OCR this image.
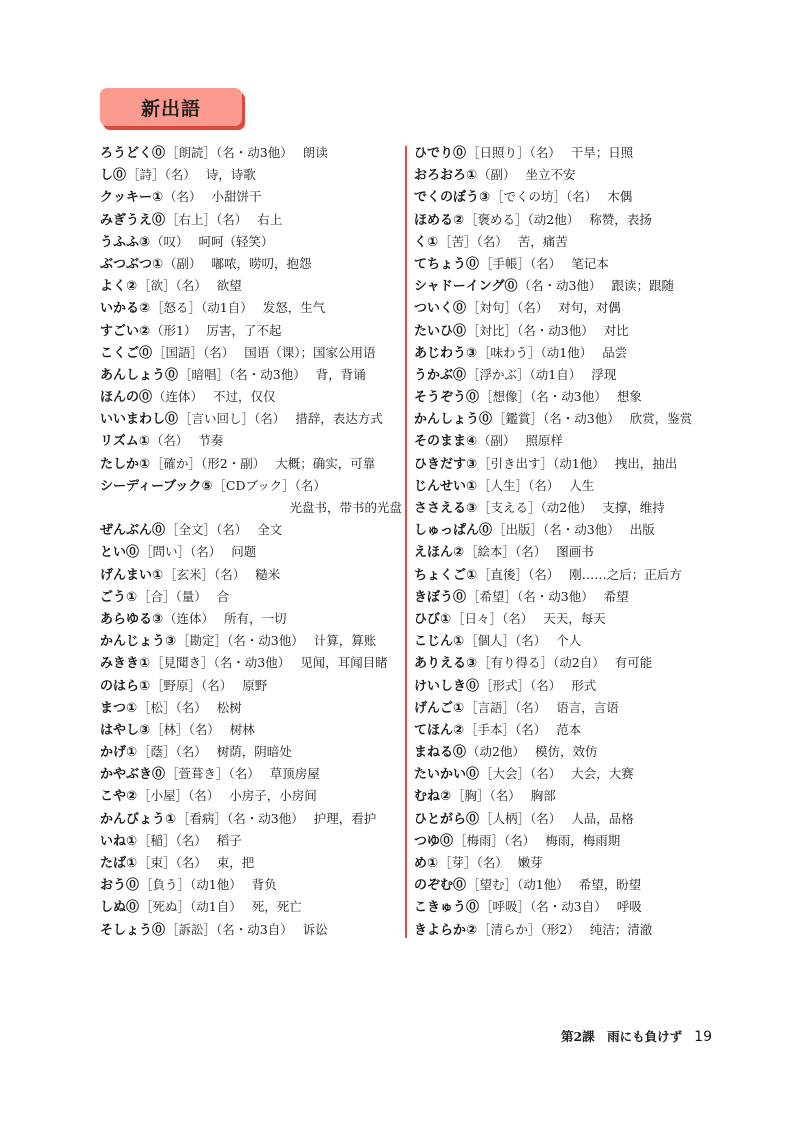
新出語
ろうどく⓪［朗読］（名・动3他） 朗读
し⓪［詩］（名） 诗，诗歌
クッキー①（名） 小甜饼干
みぎうえ⓪［右上］（名） 右上
うふふ③（叹） 呵呵（轻笑）
ぶつぶつ①（副） 嘟哝，唠叨，抱怨
よく②［欲］（名） 欲望
いかる②［怒る］（动1自） 发怒，生气
すごい②（形1） 厉害，了不起
こくご⓪［国語］（名） 国语（课）；国家公用语
あんしょう⓪［暗唱］（名・动3他） 背，背诵
ほんの⓪（连体） 不过，仅仅
いいまわし⓪［言い回し］（名） 措辞，表达方式
リズム①（名） 节奏
たしか①［確か］（形2・副） 大概；确实，可靠
シーディーブック⑤［CDブック］（名）
光盘书，带书的光盘
ぜんぶん⓪［全文］（名） 全文
とい⓪［問い］（名） 问题
げんまい①［玄米］（名） 糙米
ごう①［合］（量） 合
あらゆる③（连体） 所有，一切
かんじょう③［勘定］（名・动3他） 计算，算账
みきき①［見聞き］（名・动3他） 见闻，耳闻目睹
のはら①［野原］（名） 原野
まつ①［松］（名） 松树
はやし③［林］（名） 树林
かげ①［蔭］（名） 树荫，阴暗处
かやぶき⓪［萱葺き］（名） 草顶房屋
こや②［小屋］（名） 小房子，小房间
かんびょう①［看病］（名・动3他） 护理，看护
いね①［稲］（名） 稻子
たば①［束］（名） 束，把
おう⓪［負う］（动1他） 背负
しぬ⓪［死ぬ］（动1自） 死，死亡
そしょう⓪［訴訟］（名・动3自） 诉讼
ひでり⓪［日照り］（名） 干旱；日照
おろおろ①（副） 坐立不安
でくのぼう③［でくの坊］（名） 木偶
ほめる②［褒める］（动2他） 称赞，表扬
く①［苦］（名） 苦，痛苦
てちょう⓪［手帳］（名） 笔记本
シャドーイング⓪（名・动3他） 跟读；跟随
ついく⓪［対句］（名） 对句，对偶
たいひ⓪［対比］（名・动3他） 对比
あじわう③［味わう］（动1他） 品尝
うかぶ⓪［浮かぶ］（动1自） 浮现
そうぞう⓪［想像］（名・动3他） 想象
かんしょう⓪［鑑賞］（名・动3他） 欣赏，鉴赏
そのまま④（副） 照原样
ひきだす③［引き出す］（动1他） 拽出，抽出
じんせい①［人生］（名） 人生
ささえる③［支える］（动2他） 支撑，维持
しゅっぱん⓪［出版］（名・动3他） 出版
えほん②［絵本］（名） 图画书
ちょくご①［直後］（名） 刚……之后；正后方
きぼう⓪［希望］（名・动3他） 希望
ひび①［日々］（名） 天天，每天
こじん①［個人］（名） 个人
ありえる③［有り得る］（动2自） 有可能
けいしき⓪［形式］（名） 形式
げんご①［言語］（名） 语言，言语
てほん②［手本］（名） 范本
まねる⓪（动2他） 模仿，效仿
たいかい⓪［大会］（名） 大会，大赛
むね②［胸］（名） 胸部
ひとがら⓪［人柄］（名） 人品，品格
つゆ⓪［梅雨］（名） 梅雨，梅雨期
め①［芽］（名） 嫩芽
のぞむ⓪［望む］（动1他） 希望，盼望
こきゅう⓪［呼吸］（名・动3自） 呼吸
きよらか②［清らか］（形2） 纯洁；清澈
第2課　雨にも負けず 19
